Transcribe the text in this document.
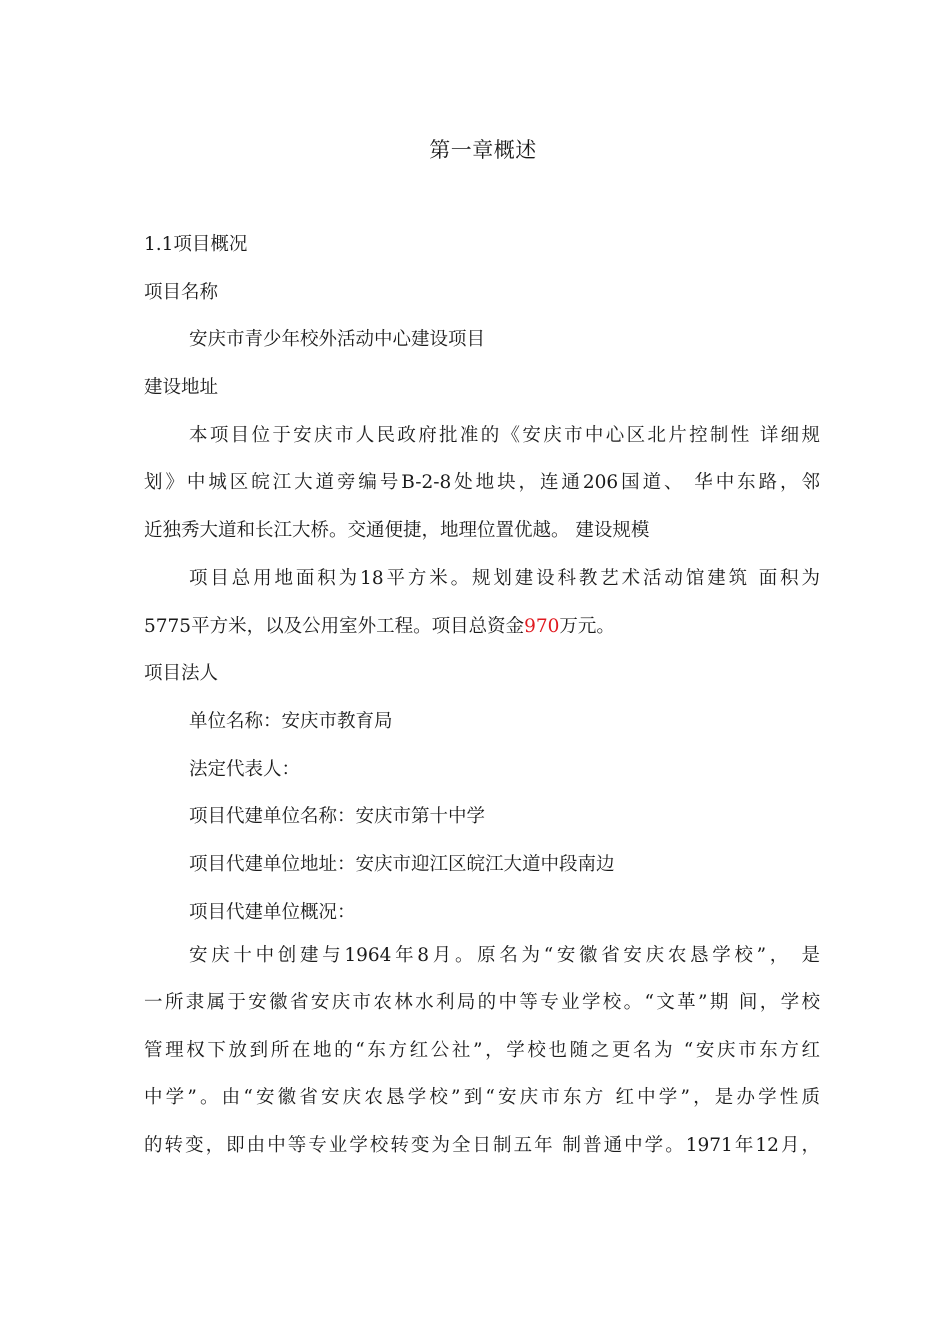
第一章概述
1.1项目概况
项目名称
安庆市青少年校外活动中心建设项目
建设地址
本项目位于安庆市人民政府批准的《安庆市中心区北片控制性 详细规
划》中城区皖江大道旁编号B-2-8处地块，连通206国道、 华中东路，邻
近独秀大道和长江大桥。交通便捷，地理位置优越。 建设规模
项目总用地面积为18平方米。规划建设科教艺术活动馆建筑 面积为
5775平方米，以及公用室外工程。项目总资金970万元。
项目法人
单位名称：安庆市教育局
法定代表人：
项目代建单位名称：安庆市第十中学
项目代建单位地址：安庆市迎江区皖江大道中段南边
项目代建单位概况：
安庆十中创建与1964年8月。原名为“安徽省安庆农恳学校”， 是
一所隶属于安徽省安庆市农林水利局的中等专业学校。“文革”期 间，学校
管理权下放到所在地的“东方红公社”，学校也随之更名为 “安庆市东方红
中学”。由“安徽省安庆农恳学校”到“安庆市东方 红中学”，是办学性质
的转变，即由中等专业学校转变为全日制五年 制普通中学。1971年12月，
